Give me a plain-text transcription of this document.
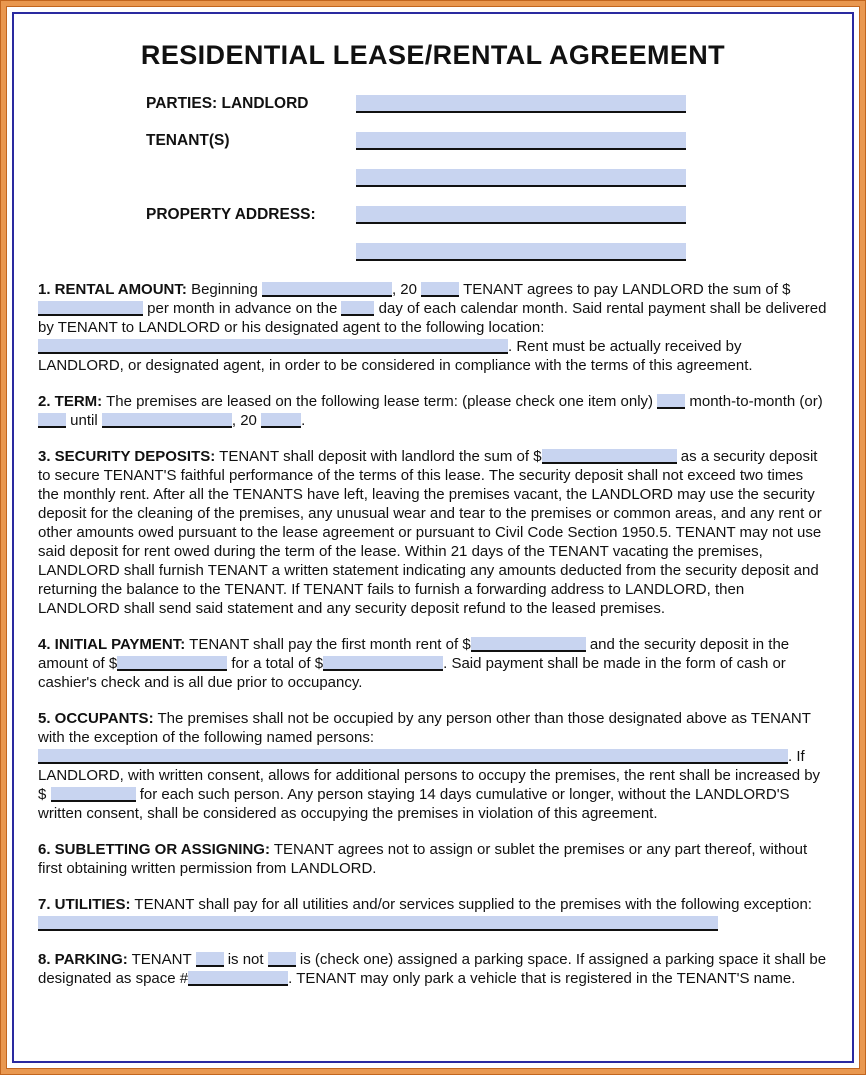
RESIDENTIAL LEASE/RENTAL AGREEMENT
PARTIES: LANDLORD
TENANT(S)
PROPERTY ADDRESS:

1. RENTAL AMOUNT: Beginning	, 20	TENANT agrees to pay LANDLORD the sum of $ per month in advance on the	day of each calendar month. Said rental payment shall be delivered by TENANT to LANDLORD or his designated agent to the following location: . Rent must be actually received by LANDLORD, or designated agent, in order to be considered in compliance with the terms of this agreement.

2. TERM: The premises are leased on the following lease term: (please check one item only) month-to-month (or)  until	, 20	.

3. SECURITY DEPOSITS: TENANT shall deposit with landlord the sum of $	as a security deposit to secure TENANT'S faithful performance of the terms of this lease. The security deposit shall not exceed two times the monthly rent. After all the TENANTS have left, leaving the premises vacant, the LANDLORD may use the security deposit for the cleaning of the premises, any unusual wear and tear to the premises or common areas, and any rent or other amounts owed pursuant to the lease agreement or pursuant to Civil Code Section 1950.5. TENANT may not use said deposit for rent owed during the term of the lease. Within 21 days of the TENANT vacating the premises, LANDLORD shall furnish TENANT a written statement indicating any amounts deducted from the security deposit and returning the balance to the TENANT. If TENANT fails to furnish a forwarding address to LANDLORD, then LANDLORD shall send said statement and any security deposit refund to the leased premises.

4. INITIAL PAYMENT: TENANT shall pay the first month rent of $	and the security deposit in the amount of $	for a total of $	. Said payment shall be made in the form of cash or cashier's check and is all due prior to occupancy.

5. OCCUPANTS: The premises shall not be occupied by any person other than those designated above as TENANT with the exception of the following named persons: . If LANDLORD, with written consent, allows for additional persons to occupy the premises, the rent shall be increased by $	for each such person. Any person staying 14 days cumulative or longer, without the LANDLORD'S written consent, shall be considered as occupying the premises in violation of this agreement.

6. SUBLETTING OR ASSIGNING: TENANT agrees not to assign or sublet the premises or any part thereof, without first obtaining written permission from LANDLORD.

7. UTILITIES: TENANT shall pay for all utilities and/or services supplied to the premises with the following exception:

8. PARKING: TENANT is not is (check one) assigned a parking space. If assigned a parking space it shall be designated as space #	. TENANT may only park a vehicle that is registered in the TENANT'S name.
